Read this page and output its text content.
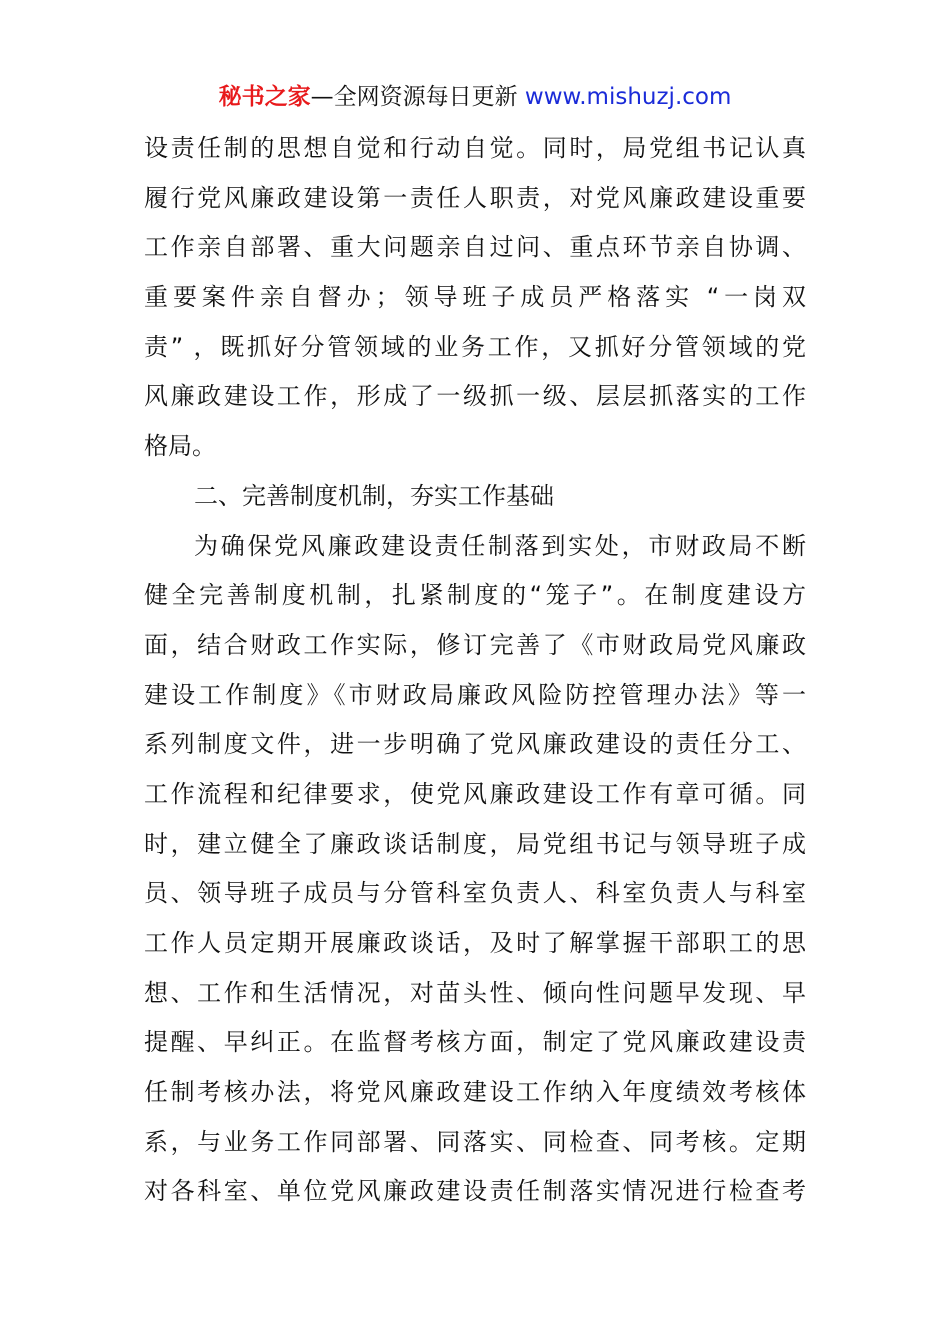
秘书之家—全网资源每日更新 www.mishuzj.com
设责任制的思想自觉和行动自觉。同时，局党组书记认真
履行党风廉政建设第一责任人职责，对党风廉政建设重要
工作亲自部署、重大问题亲自过问、重点环节亲自协调、
重要案件亲自督办；领导班子成员严格落实 “一岗双
责” ，既抓好分管领域的业务工作，又抓好分管领域的党
风廉政建设工作，形成了一级抓一级、层层抓落实的工作
格局。
二、完善制度机制，夯实工作基础
为确保党风廉政建设责任制落到实处，市财政局不断
健全完善制度机制，扎紧制度的“笼子”。在制度建设方
面，结合财政工作实际，修订完善了《市财政局党风廉政
建设工作制度》《市财政局廉政风险防控管理办法》等一
系列制度文件，进一步明确了党风廉政建设的责任分工、
工作流程和纪律要求，使党风廉政建设工作有章可循。同
时，建立健全了廉政谈话制度，局党组书记与领导班子成
员、领导班子成员与分管科室负责人、科室负责人与科室
工作人员定期开展廉政谈话，及时了解掌握干部职工的思
想、工作和生活情况，对苗头性、倾向性问题早发现、早
提醒、早纠正。在监督考核方面，制定了党风廉政建设责
任制考核办法，将党风廉政建设工作纳入年度绩效考核体
系，与业务工作同部署、同落实、同检查、同考核。定期
对各科室、单位党风廉政建设责任制落实情况进行检查考
